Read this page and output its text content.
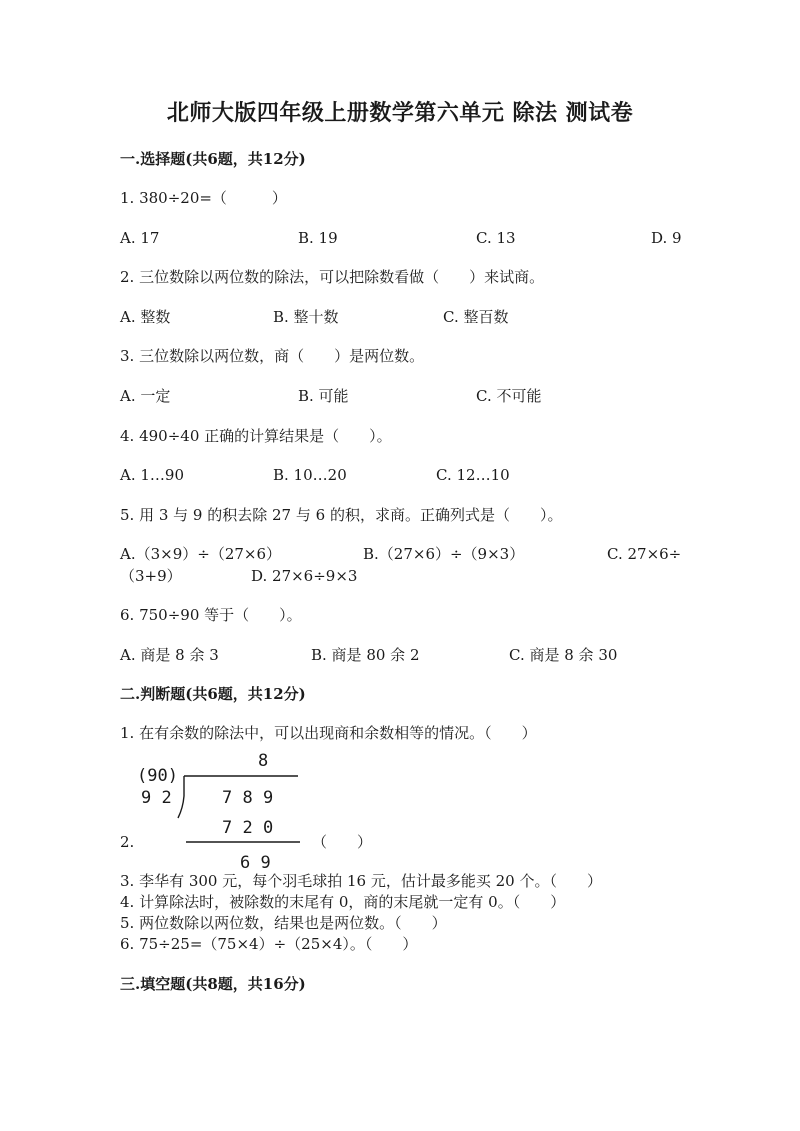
北师大版四年级上册数学第六单元 除法 测试卷
一.选择题(共6题，共12分)
1. 380÷20=（　　　）
A. 17	B. 19	C. 13	D. 9
2. 三位数除以两位数的除法，可以把除数看做（　　）来试商。
A. 整数	B. 整十数	C. 整百数
3. 三位数除以两位数，商（　　）是两位数。
A. 一定	B. 可能	C. 不可能
4. 490÷40 正确的计算结果是（　　）。
A. 1…90	B. 10…20	C. 12…10
5. 用 3 与 9 的积去除 27 与 6 的积，求商。正确列式是（　　）。
A.（3×9）÷（27×6）	B.（27×6）÷（9×3）	C. 27×6÷
（3+9）	D. 27×6÷9×3
6. 750÷90 等于（　　）。
A. 商是 8 余 3	B. 商是 80 余 2	C. 商是 8 余 30
二.判断题(共6题，共12分)
1. 在有余数的除法中，可以出现商和余数相等的情况。（　　）
(90)
9 2
8
7 8 9
7 2 0
6 9
2.	（　　）
3. 李华有 300 元，每个羽毛球拍 16 元，估计最多能买 20 个。（　　）
4. 计算除法时，被除数的末尾有 0，商的末尾就一定有 0。（　　）
5. 两位数除以两位数，结果也是两位数。（　　）
6. 75÷25=（75×4）÷（25×4）。（　　）
三.填空题(共8题，共16分)
